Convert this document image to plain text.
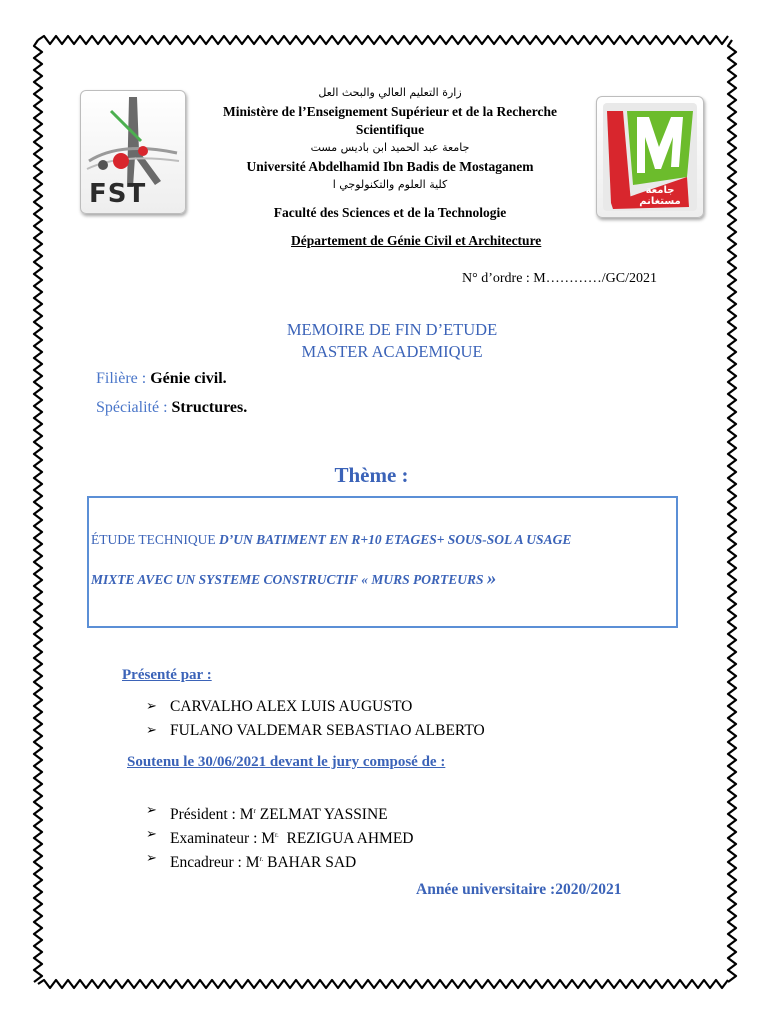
FST	جامعة مستغانم
زارة التعليم العالي والبحث العل
Ministère de l’Enseignement Supérieur et de la Recherche
Scientifique
جامعة عبد الحميد ابن باديس مست
Université Abdelhamid Ibn Badis de Mostaganem
كلية العلوم والتكنولوجي ا
Faculté des Sciences et de la Technologie
Département de Génie Civil et Architecture
N° d’ordre : M…………/GC/2021
MEMOIRE DE FIN D’ETUDE
MASTER ACADEMIQUE
Filière : Génie civil.
Spécialité : Structures.
Thème :
ÉTUDE TECHNIQUE D’UN BATIMENT EN R+10 ETAGES+ SOUS-SOL A USAGE
MIXTE AVEC UN SYSTEME CONSTRUCTIF « MURS PORTEURS »
Présenté par :
➢ CARVALHO ALEX LUIS AUGUSTO
➢ FULANO VALDEMAR SEBASTIAO ALBERTO
Soutenu le 30/06/2021 devant le jury composé de :
➢ Président : $M^r$ ZELMAT YASSINE
➢ Examinateur : $M^{r.}$  REZIGUA AHMED
➢ Encadreur : $M^{r.}$ BAHAR SAD
Année universitaire :2020/2021
